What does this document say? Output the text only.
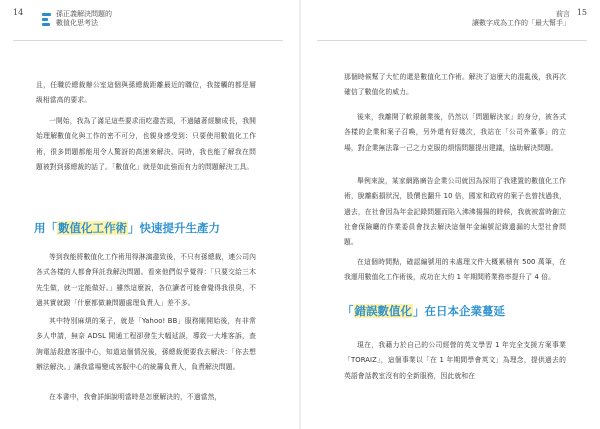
14	孫正義解決問題的
數值化思考法
且，任職於總裁辦公室這個與孫總裁距離最近的職位，我接觸的都是層級相當高的要求。
一開始，我為了滿足這些要求而吃盡苦頭，不過隨著經驗成長，我開始理解數值化與工作的密不可分，也親身感受到：只要使用數值化工作術，很多問題都能用令人驚訝的高速來解決。同時，我也能了解我在問題被對到孫總裁的話了。「數值化」就是如此強而有力的問題解決工具。
用「數值化工作術」快速提升生產力
等到我能將數值化工作術用得淋漓盡致後，不只有孫總裁，連公司內各式各樣的人都會拜託我解決問題。看來他們似乎覺得：「只要交給三木先生做，就一定能做好。」雖然這麼說，各位讀者可能會覺得我很臭，不過其實就跟「什麼都做兼問題處理負責人」差不多。
其中特別麻煩的案子，就是「Yahoo! BB」服務剛開始後，有非常多人申請，無奈 ADSL 開通工程卻發生大幅延誤，導致一大堆客訴，查詢電話殺進客服中心，知道這個情況後，孫總裁便要我去解決：「你去想辦法解決。」讓我當場變成客服中心的統籌負責人，負責解決問題。
在本書中，我會詳細說明當時是怎麼解決的，不過當然，
前言
讓數字成為工作的「最大幫手」
15
那個時候幫了大忙的還是數值化工作術。解決了這麼大的混亂後，我再次確信了數值化的威力。
後來，我離開了軟銀創業後，仍然以「問題解決家」的身分，被各式各樣的企業和案子召喚，另外還有好幾次，我站在「公司外董事」的立場，對企業無法靠一己之力克服的煩惱問題提出建議，協助解決問題。
舉例來說，某家網路廣告企業公司就因為採用了我建置的數值化工作術，脫離虧損狀況，股價也翻升 10 倍，國家和政府的案子也曾找過我，過去，在社會因為年金記錄問題而陷入沸沸揚揚的時候，我就被當時創立社會保險廳的作業委員會找去解決這個年金編號記錄遺漏的大型社會問題。
在這個時間點，確認編號用的未處理文件大概累積有 500 萬筆，在我運用數值化工作術後，成功在大約 1 年期間將業務率提升了 4 倍。
「錯誤數值化」在日本企業蔓延
現在，我藉力於自己的公司經營的英文學習 1 年完全支援方案事業「TORAIZ」，這個事業以「在 1 年期間學會英文」為理念，提供過去的英語會話教室沒有的全新服務，因此就和在
